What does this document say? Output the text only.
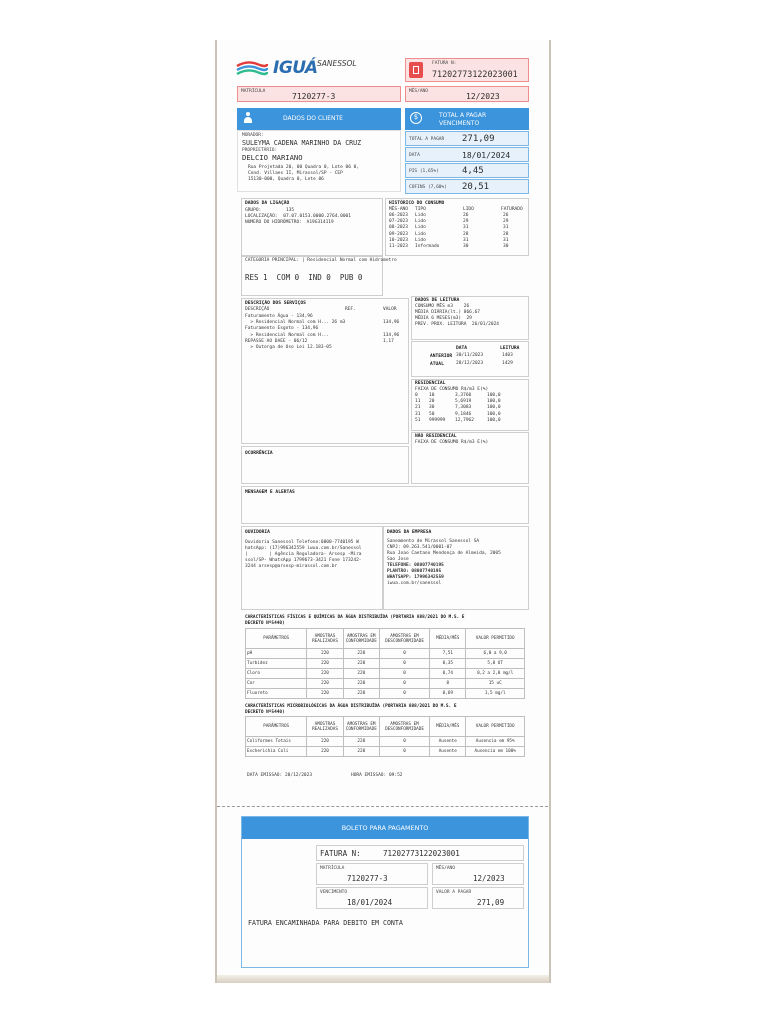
IGUÁ SANESSOL	FATURA N:
71202773122023001
MATRÍCULA
7120277-3
MÊS/ANO
12/2023
DADOS DO CLIENTE
MORADOR:
SULEYMA CADENA MARINHO DA CRUZ
PROPRIETÁRIO:
DELCIO MARIANO
Rua Projetada 20, 00 Quadra 0, Lote 06 0,
Cond. Villaes II, Mirassol/SP - CEP
15130-000, Quadra 0, Lote 06
$	TOTAL A PAGAR
VENCIMENTO
TOTAL A PAGAR 271,09
DATA	18/01/2024
PIS (1,65%)	4,45
COFINS (7,60%) 20,51
DADOS DA LIGAÇÃO
GRUPO:	135
LOCALIZAÇÃO: 07.07.0153.0000.2764.0001
NÚMERO DO HIDRÔMETRO: A19G314119
HISTÓRICO DO CONSUMO
MÊS-ANO TIPO	LIDO	FATURADO
06-2023 Lido	26	26
07-2023 Lido	29	29
08-2023 Lido	31	31
09-2023 Lido	28	28
10-2023 Lido	31	31
11-2023 Informado	30	30
CATEGORIA PRINCIPAL: | Residencial Normal com Hidrometro
RES 1  COM 0  IND 0  PUB 0
DESCRIÇÃO DOS SERVIÇOS
DESCRIÇÃO	REF.	VALOR
Faturamento Água - 134,96
> Residencial Normal com H... 26 m3	134,96
Faturamento Esgoto - 134,96
> Residencial Normal com H...	134,96
REPASSE AO DAEE - 06/12	1,17
> Outorga de Uso Lei 12.183-05
DADOS DE LEITURA
CONSUMO MÊS m3    26
MÉDIA DIÁRIA(lt.) 866,67
MÉDIA 6 MESES(m3)  29
PREV. PROX. LEITURA  26/01/2024
DATA	LEITURA
ANTERIOR 30/11/2023	1403
ATUAL	28/12/2023	1429
RESIDENCIAL
FAIXA DE CONSUMO R$/m3 E(%)
0	10	3,3760	100,0
11 20	5,6919	100,0
21 30	7,3083	100,0
31 50	9,1846	100,0
51 999999 12,7962	100,0
NÃO RESIDENCIAL
FAIXA DE CONSUMO R$/m3 E(%)
OCORRÊNCIA
MENSAGEM E ALERTAS
OUVIDORIA
Ouvidoria Sanessol Telefone:0800-7740195 W
hatsApp: (17)996342559 iwua.com.br/Sanessol
|        | Agência Reguladora- Arsesp -Mira
ssol/SP- WhatsApp 1799673-3421 Fone 173242-
3244 arsesp@arsesp-mirassol.com.br
DADOS DA EMPRESA
Saneamento de Mirassol Sanessol SA
CNPJ: 09.263.541/0001-07
Rua Joao Caetano Mendonça de Almeida, 2005
Sao Jose
TELEFONE: 08007740195
PLANTÃO: 08007740195
WHATSAPP: 17996342559
iwua.com.br/sanessol
CARACTERÍSTICAS FÍSICAS E QUÍMICAS DA ÁGUA DISTRIBUÍDA (PORTARIA 888/2021 DO M.S. E
DECRETO Nº5440)
PARÂMETROS	AMOSTRAS REALIZADAS	AMOSTRAS EM CONFORMIDADE	AMOSTRAS EM DESCONFORMIDADE	MÉDIA/MÊS	VALOR PERMITIDO
pH	220	220	0	7,51	6,0 a 9,0
Turbidez	220	220	0	0,35	5,0 UT
Cloro	220	220	0	0,74	0,2 a 2,0 mg/l
Cor	220	220	0	0	15 uC
Fluoreto	220	220	0	0,69	1,5 mg/l
CARACTERÍSTICAS MICROBIOLÓGICAS DA ÁGUA DISTRIBUÍDA (PORTARIA 888/2021 DO M.S. E
DECRETO Nº5440)
PARÂMETROS	AMOSTRAS REALIZADAS	AMOSTRAS EM CONFORMIDADE	AMOSTRAS EM DESCONFORMIDADE	MÉDIA/MÊS	VALOR PERMITIDO
Coliformes Totais	220	220	0	Ausente	Ausencia em 95%
Escherichia Coli	220	220	0	Ausente	Ausencia em 100%
DATA EMISSAO: 28/12/2023	HORA EMISSAO: 09:52
BOLETO PARA PAGAMENTO
FATURA N:	71202773122023001
MATRÍCULA
7120277-3
MÊS/ANO
12/2023
VENCIMENTO
18/01/2024
VALOR A PAGAR
271,09
FATURA ENCAMINHADA PARA DEBITO EM CONTA
